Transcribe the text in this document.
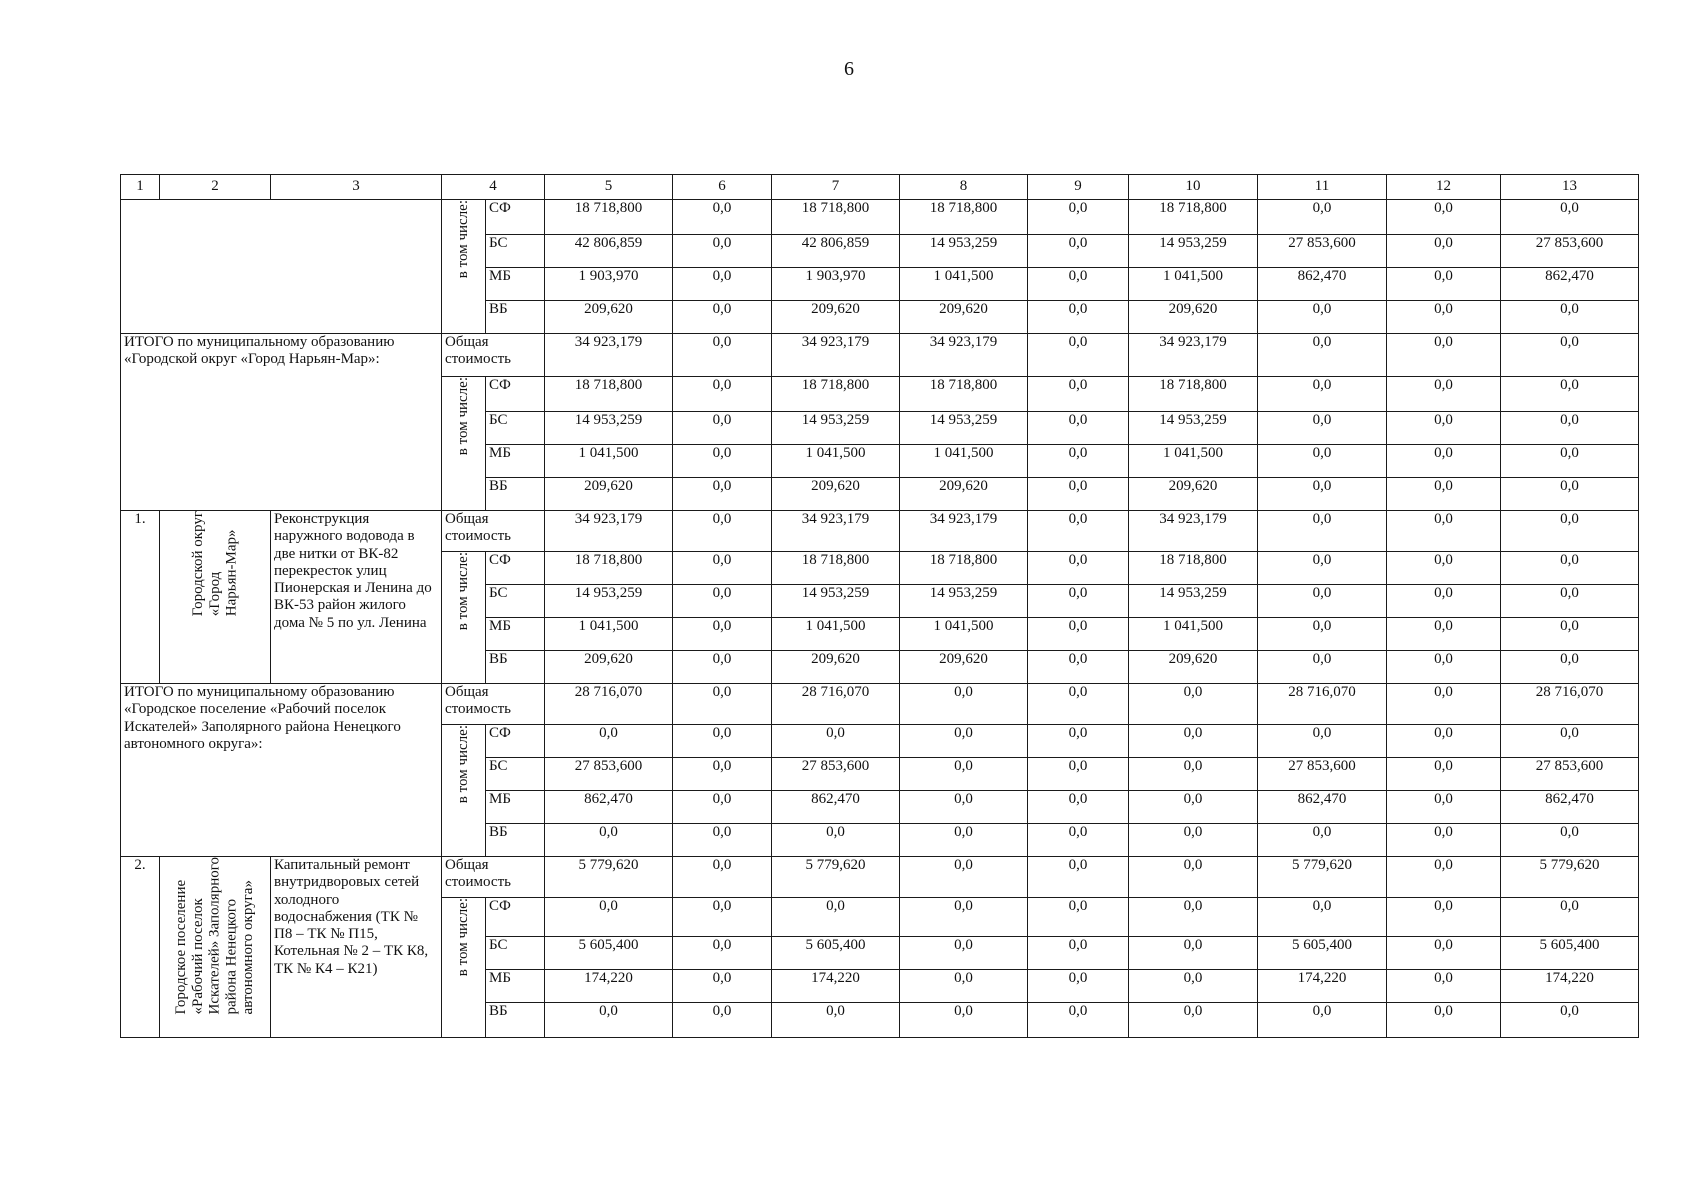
6
1	2	3	4		5	6	7	8	9	10	11	12	13
			в том числе:	СФ	18 718,800	0,0	18 718,800	18 718,800	0,0	18 718,800	0,0	0,0	0,0
				БС	42 806,859	0,0	42 806,859	14 953,259	0,0	14 953,259	27 853,600	0,0	27 853,600
				МБ	1 903,970	0,0	1 903,970	1 041,500	0,0	1 041,500	862,470	0,0	862,470
				ВБ	209,620	0,0	209,620	209,620	0,0	209,620	0,0	0,0	0,0
ИТОГО по муниципальному образованию «Городской округ «Город Нарьян-Мар»:			Общая стоимость		34 923,179	0,0	34 923,179	34 923,179	0,0	34 923,179	0,0	0,0	0,0
			в том числе:	СФ	18 718,800	0,0	18 718,800	18 718,800	0,0	18 718,800	0,0	0,0	0,0
				БС	14 953,259	0,0	14 953,259	14 953,259	0,0	14 953,259	0,0	0,0	0,0
				МБ	1 041,500	0,0	1 041,500	1 041,500	0,0	1 041,500	0,0	0,0	0,0
				ВБ	209,620	0,0	209,620	209,620	0,0	209,620	0,0	0,0	0,0
1.	Городской округ
«Город
Нарьян-Мар»	Реконструкция наружного водовода в две нитки от ВК-82 перекресток улиц Пионерская и Ленина до ВК-53 район жилого дома № 5 по ул. Ленина	Общая стоимость		34 923,179	0,0	34 923,179	34 923,179	0,0	34 923,179	0,0	0,0	0,0
			в том числе:	СФ	18 718,800	0,0	18 718,800	18 718,800	0,0	18 718,800	0,0	0,0	0,0
				БС	14 953,259	0,0	14 953,259	14 953,259	0,0	14 953,259	0,0	0,0	0,0
				МБ	1 041,500	0,0	1 041,500	1 041,500	0,0	1 041,500	0,0	0,0	0,0
				ВБ	209,620	0,0	209,620	209,620	0,0	209,620	0,0	0,0	0,0
ИТОГО по муниципальному образованию «Городское поселение «Рабочий поселок Искателей» Заполярного района Ненецкого автономного округа»:			Общая стоимость		28 716,070	0,0	28 716,070	0,0	0,0	0,0	28 716,070	0,0	28 716,070
			в том числе:	СФ	0,0	0,0	0,0	0,0	0,0	0,0	0,0	0,0	0,0
				БС	27 853,600	0,0	27 853,600	0,0	0,0	0,0	27 853,600	0,0	27 853,600
				МБ	862,470	0,0	862,470	0,0	0,0	0,0	862,470	0,0	862,470
				ВБ	0,0	0,0	0,0	0,0	0,0	0,0	0,0	0,0	0,0
2.	Городское поселение
«Рабочий поселок
Искателей» Заполярного
района Ненецкого
автономного округа»	Капитальный ремонт внутридворовых сетей холодного водоснабжения (ТК № П8 – ТК № П15, Котельная № 2 – ТК К8, ТК № К4 – К21)	Общая стоимость		5 779,620	0,0	5 779,620	0,0	0,0	0,0	5 779,620	0,0	5 779,620
			в том числе:	СФ	0,0	0,0	0,0	0,0	0,0	0,0	0,0	0,0	0,0
				БС	5 605,400	0,0	5 605,400	0,0	0,0	0,0	5 605,400	0,0	5 605,400
				МБ	174,220	0,0	174,220	0,0	0,0	0,0	174,220	0,0	174,220
				ВБ	0,0	0,0	0,0	0,0	0,0	0,0	0,0	0,0	0,0
